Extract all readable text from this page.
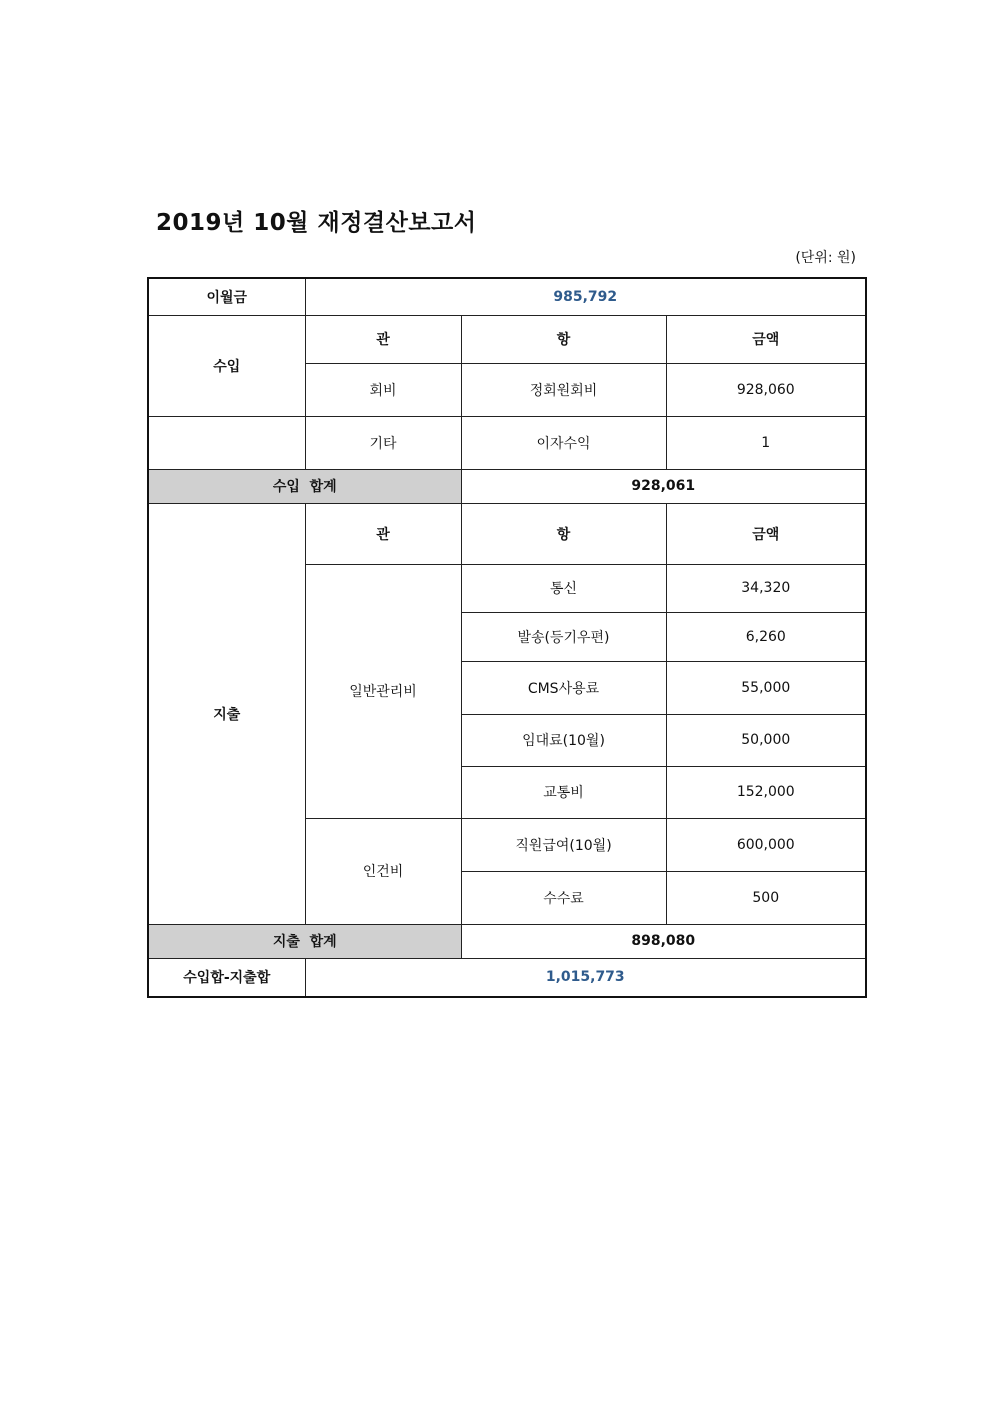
2019년 10월 재정결산보고서
(단위: 원)
이월금	985,792		
수입	관	항	금액
	회비	정회원회비	928,060
	기타	이자수익	1
수입  합계		928,061	
지출	관	항	금액
	일반관리비	통신	34,320
		발송(등기우편)	6,260
		CMS사용료	55,000
		임대료(10월)	50,000
		교통비	152,000
	인건비	직원급여(10월)	600,000
		수수료	500
지출  합계		898,080	
수입합-지출합	1,015,773		
